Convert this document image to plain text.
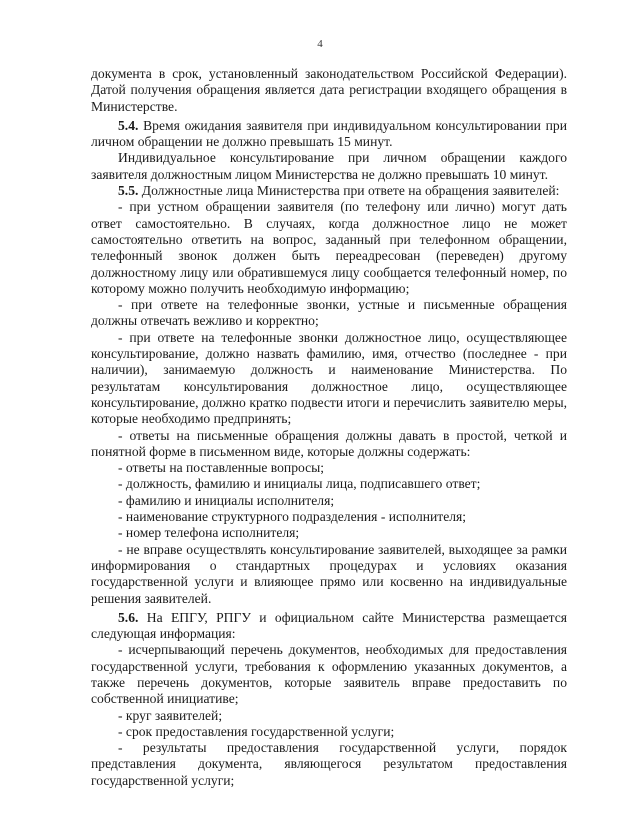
4

документа в срок, установленный законодательством Российской Федерации). Датой получения обращения является дата регистрации входящего обращения в Министерстве.

5.4. Время ожидания заявителя при индивидуальном консультировании при личном обращении не должно превышать 15 минут.

Индивидуальное консультирование при личном обращении каждого заявителя должностным лицом Министерства не должно превышать 10 минут.

5.5. Должностные лица Министерства при ответе на обращения заявителей:

- при устном обращении заявителя (по телефону или лично) могут дать ответ самостоятельно. В случаях, когда должностное лицо не может самостоятельно ответить на вопрос, заданный при телефонном обращении, телефонный звонок должен быть переадресован (переведен) другому должностному лицу или обратившемуся лицу сообщается телефонный номер, по которому можно получить необходимую информацию;

- при ответе на телефонные звонки, устные и письменные обращения должны отвечать вежливо и корректно;

- при ответе на телефонные звонки должностное лицо, осуществляющее консультирование, должно назвать фамилию, имя, отчество (последнее - при наличии), занимаемую должность и наименование Министерства. По результатам консультирования должностное лицо, осуществляющее консультирование, должно кратко подвести итоги и перечислить заявителю меры, которые необходимо предпринять;

- ответы на письменные обращения должны давать в простой, четкой и понятной форме в письменном виде, которые должны содержать:

- ответы на поставленные вопросы;

- должность, фамилию и инициалы лица, подписавшего ответ;

- фамилию и инициалы исполнителя;

- наименование структурного подразделения - исполнителя;

- номер телефона исполнителя;

- не вправе осуществлять консультирование заявителей, выходящее за рамки информирования о стандартных процедурах и условиях оказания государственной услуги и влияющее прямо или косвенно на индивидуальные решения заявителей.

5.6. На ЕПГУ, РПГУ и официальном сайте Министерства размещается следующая информация:

- исчерпывающий перечень документов, необходимых для предоставления государственной услуги, требования к оформлению указанных документов, а также перечень документов, которые заявитель вправе предоставить по собственной инициативе;

- круг заявителей;

- срок предоставления государственной услуги;

- результаты предоставления государственной услуги, порядок представления документа, являющегося результатом предоставления государственной услуги;
